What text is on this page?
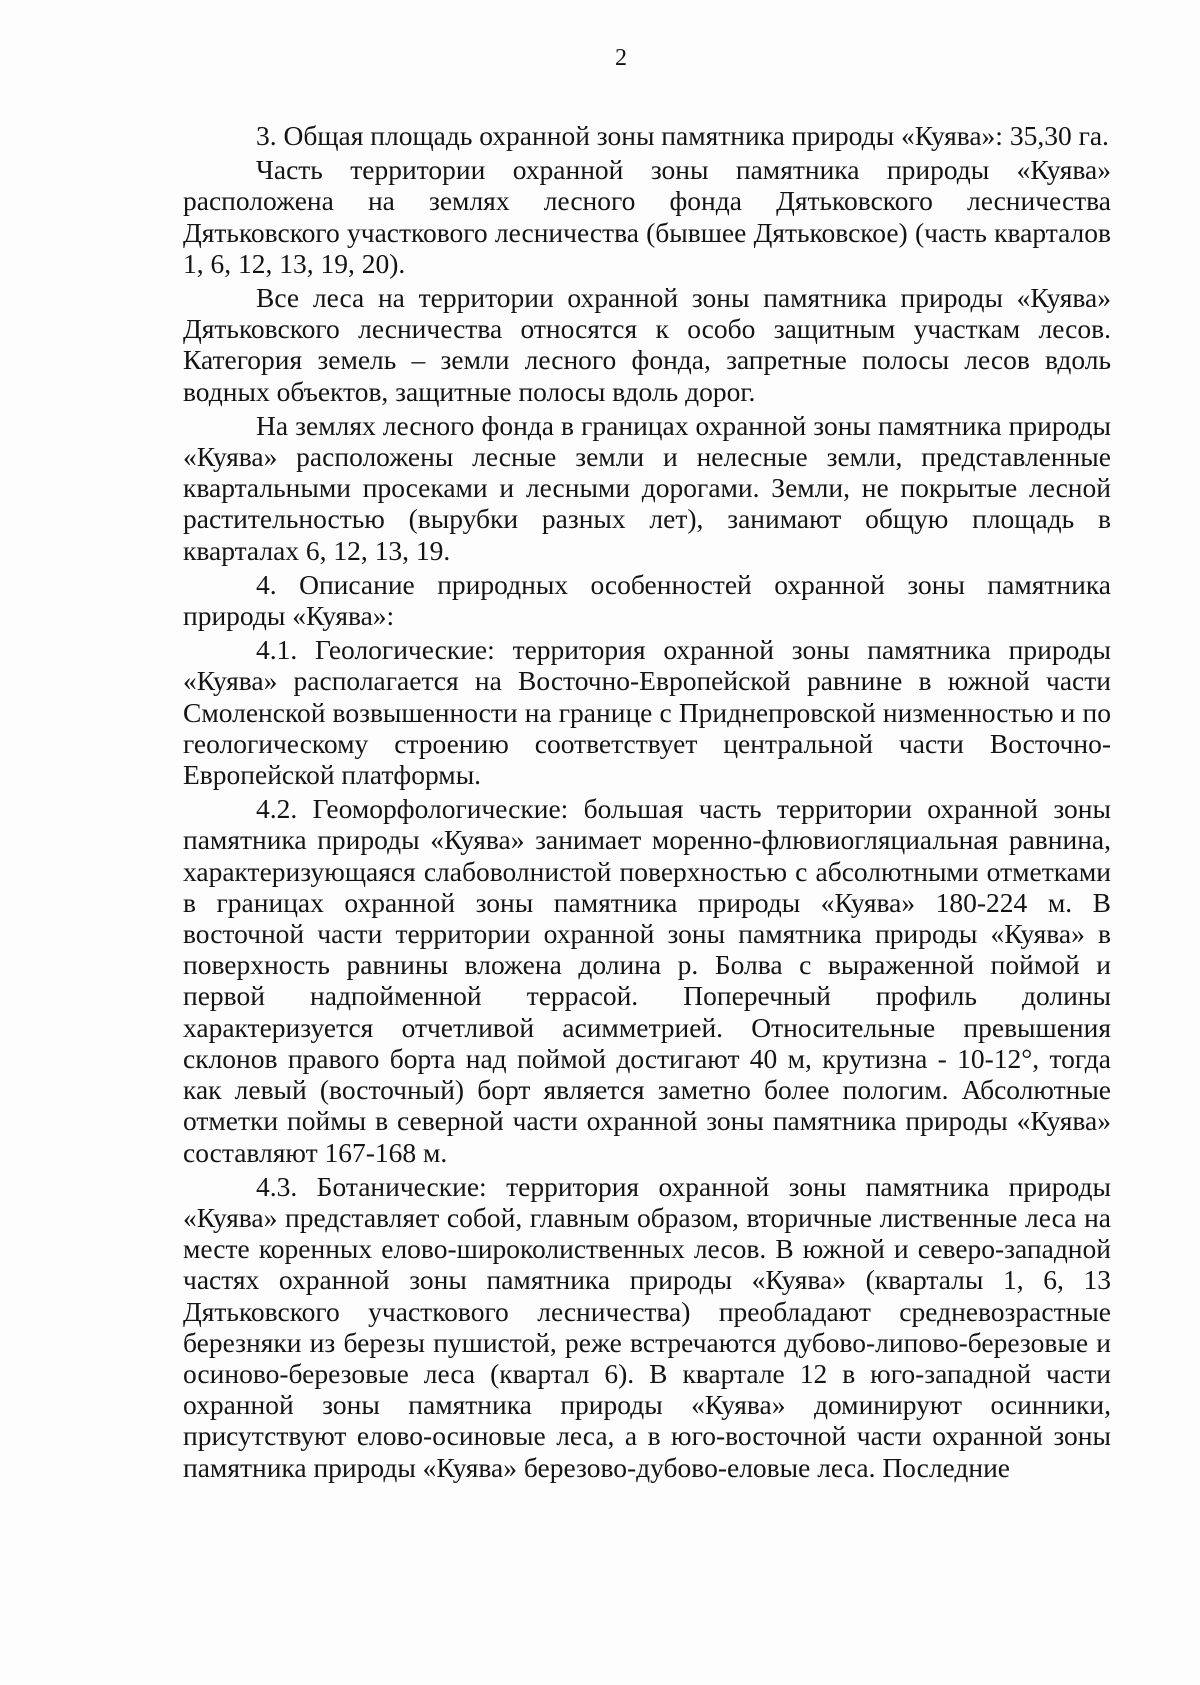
2

3. Общая площадь охранной зоны памятника природы «Куява»: 35,30 га.

Часть территории охранной зоны памятника природы «Куява» расположена на землях лесного фонда Дятьковского лесничества Дятьковского участкового лесничества (бывшее Дятьковское) (часть кварталов 1, 6, 12, 13, 19, 20).

Все леса на территории охранной зоны памятника природы «Куява» Дятьковского лесничества относятся к особо защитным участкам лесов. Категория земель – земли лесного фонда, запретные полосы лесов вдоль водных объектов, защитные полосы вдоль дорог.

На землях лесного фонда в границах охранной зоны памятника природы «Куява» расположены лесные земли и нелесные земли, представленные квартальными просеками и лесными дорогами. Земли, не покрытые лесной растительностью (вырубки разных лет), занимают общую площадь в кварталах 6, 12, 13, 19.

4. Описание природных особенностей охранной зоны памятника природы «Куява»:

4.1. Геологические: территория охранной зоны памятника природы «Куява» располагается на Восточно-Европейской равнине в южной части Смоленской возвышенности на границе с Приднепровской низменностью и по геологическому строению соответствует центральной части Восточно-Европейской платформы.

4.2. Геоморфологические: большая часть территории охранной зоны памятника природы «Куява» занимает моренно-флювиогляциальная равнина, характеризующаяся слабоволнистой поверхностью с абсолютными отметками в границах охранной зоны памятника природы «Куява» 180-224 м. В восточной части территории охранной зоны памятника природы «Куява» в поверхность равнины вложена долина р. Болва с выраженной поймой и первой надпойменной террасой. Поперечный профиль долины характеризуется отчетливой асимметрией. Относительные превышения склонов правого борта над поймой достигают 40 м, крутизна - 10-12°, тогда как левый (восточный) борт является заметно более пологим. Абсолютные отметки поймы в северной части охранной зоны памятника природы «Куява» составляют 167-168 м.

4.3. Ботанические: территория охранной зоны памятника природы «Куява» представляет собой, главным образом, вторичные лиственные леса на месте коренных елово-широколиственных лесов. В южной и северо-западной частях охранной зоны памятника природы «Куява» (кварталы 1, 6, 13 Дятьковского участкового лесничества) преобладают средневозрастные березняки из березы пушистой, реже встречаются дубово-липово-березовые и осиново-березовые леса (квартал 6). В квартале 12 в юго-западной части охранной зоны памятника природы «Куява» доминируют осинники, присутствуют елово-осиновые леса, а в юго-восточной части охранной зоны памятника природы «Куява» березово-дубово-еловые леса. Последние
